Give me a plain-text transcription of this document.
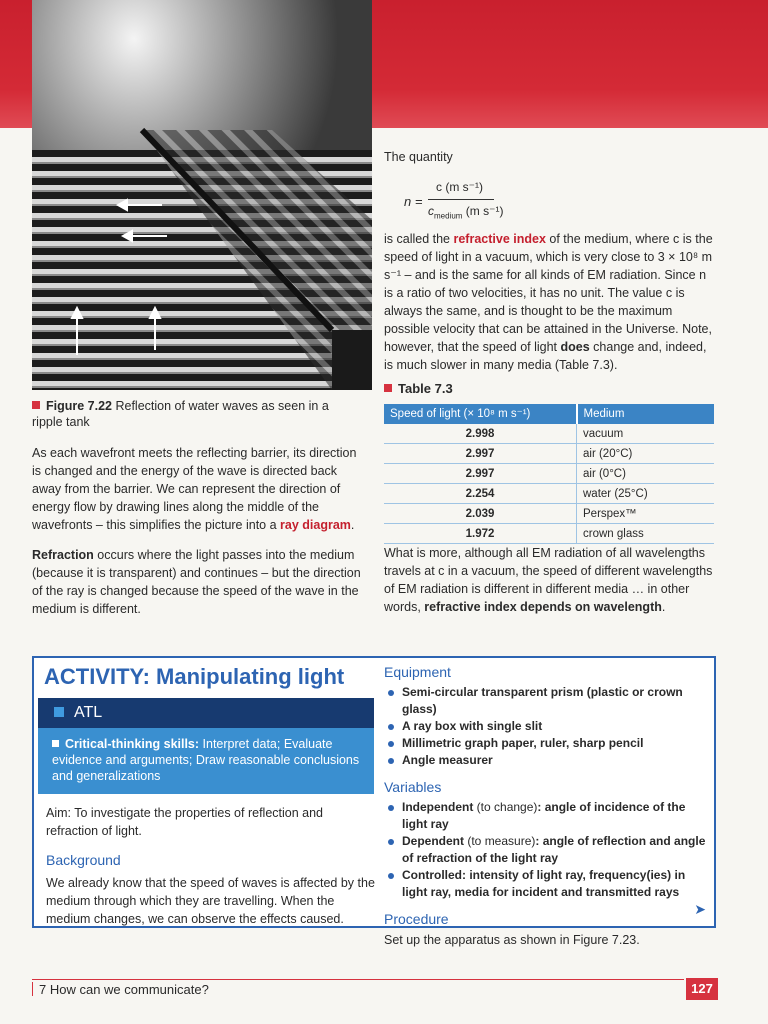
Figure 7.22 Reflection of water waves as seen in a ripple tank

As each wavefront meets the reflecting barrier, its direction is changed and the energy of the wave is directed back away from the barrier. We can represent the direction of energy flow by drawing lines along the middle of the wavefronts – this simplifies the picture into a ray diagram.

Refraction occurs where the light passes into the medium (because it is transparent) and continues – but the direction of the ray is changed because the speed of the wave in the medium is different.

The quantity

n =
c (m s⁻¹)
$c_{medium}$ (m s⁻¹)

is called the refractive index of the medium, where c is the speed of light in a vacuum, which is very close to 3 × 10⁸ m s⁻¹ – and is the same for all kinds of EM radiation. Since n is a ratio of two velocities, it has no unit. The value c is always the same, and is thought to be the maximum possible velocity that can be attained in the Universe. Note, however, that the speed of light does change and, indeed, is much slower in many media (Table 7.3).

Table 7.3
Speed of light (× 10⁸ m s⁻¹)	Medium
2.998	vacuum
2.997	air (20°C)
2.997	air (0°C)
2.254	water (25°C)
2.039	Perspex™
1.972	crown glass

What is more, although all EM radiation of all wavelengths travels at c in a vacuum, the speed of different wavelengths of EM radiation is different in different media … in other words, refractive index depends on wavelength.

ACTIVITY: Manipulating light
ATL
Critical-thinking skills: Interpret data; Evaluate evidence and arguments; Draw reasonable conclusions and generalizations
Aim: To investigate the properties of reflection and refraction of light.
Background
We already know that the speed of waves is affected by the medium through which they are travelling. When the medium changes, we can observe the effects caused.
Equipment
Semi-circular transparent prism (plastic or crown glass)
A ray box with single slit
Millimetric graph paper, ruler, sharp pencil
Angle measurer
Variables
Independent (to change): angle of incidence of the light ray
Dependent (to measure): angle of reflection and angle of refraction of the light ray
Controlled: intensity of light ray, frequency(ies) in light ray, media for incident and transmitted rays
Procedure
Set up the apparatus as shown in Figure 7.23.
➤
7 How can we communicate?	127
